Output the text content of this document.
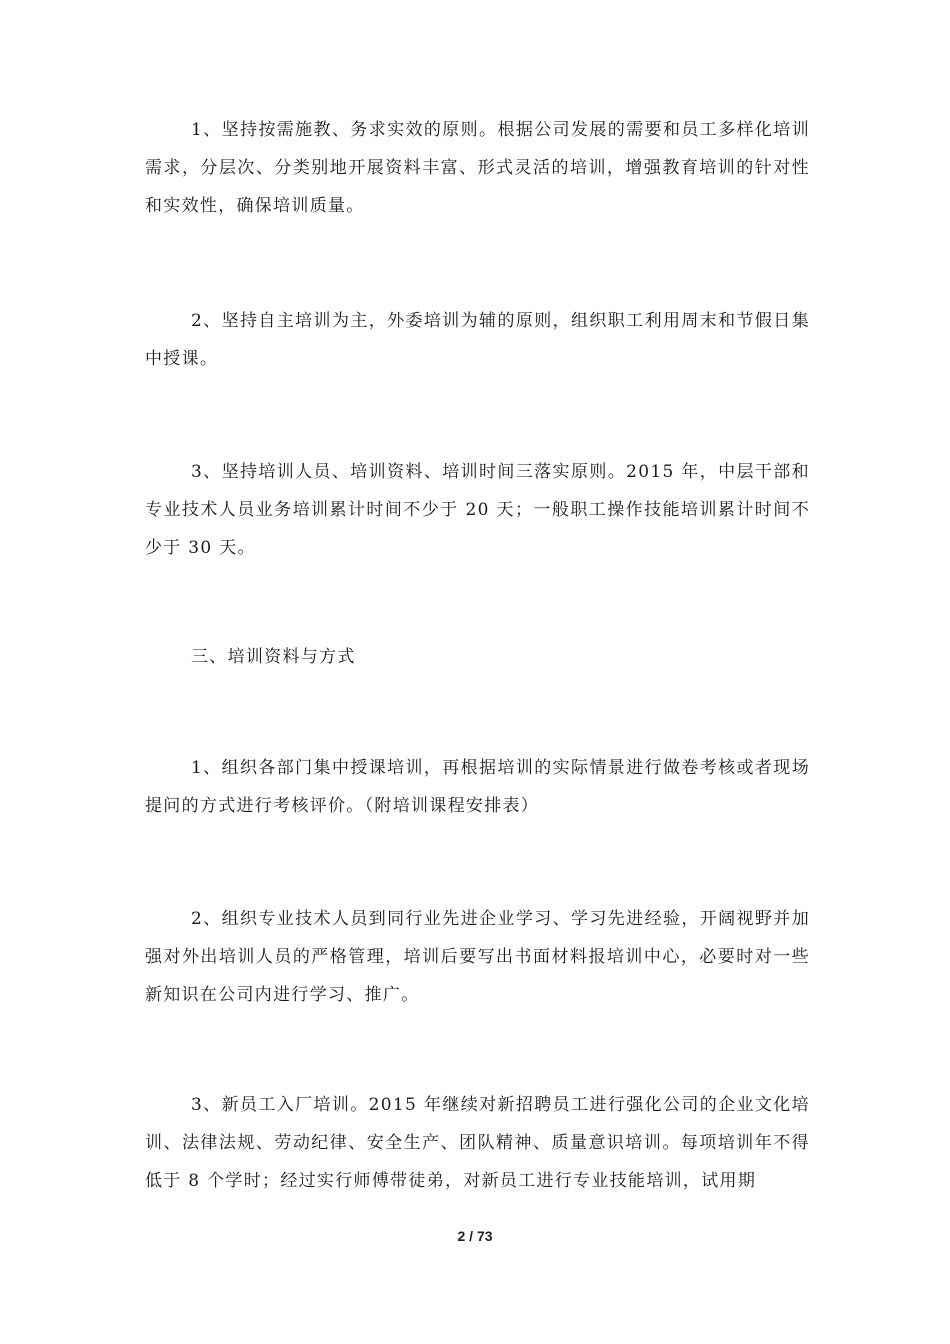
1、坚持按需施教、务求实效的原则。根据公司发展的需要和员工多样化培训需求，分层次、分类别地开展资料丰富、形式灵活的培训，增强教育培训的针对性和实效性，确保培训质量。

2、坚持自主培训为主，外委培训为辅的原则，组织职工利用周末和节假日集中授课。

3、坚持培训人员、培训资料、培训时间三落实原则。2015 年，中层干部和专业技术人员业务培训累计时间不少于 20 天；一般职工操作技能培训累计时间不少于 30 天。

三、培训资料与方式

1、组织各部门集中授课培训，再根据培训的实际情景进行做卷考核或者现场提问的方式进行考核评价。（附培训课程安排表）

2、组织专业技术人员到同行业先进企业学习、学习先进经验，开阔视野并加强对外出培训人员的严格管理，培训后要写出书面材料报培训中心，必要时对一些新知识在公司内进行学习、推广。

3、新员工入厂培训。2015 年继续对新招聘员工进行强化公司的企业文化培训、法律法规、劳动纪律、安全生产、团队精神、质量意识培训。每项培训年不得低于 8 个学时；经过实行师傅带徒弟，对新员工进行专业技能培训，试用期

2 / 73
